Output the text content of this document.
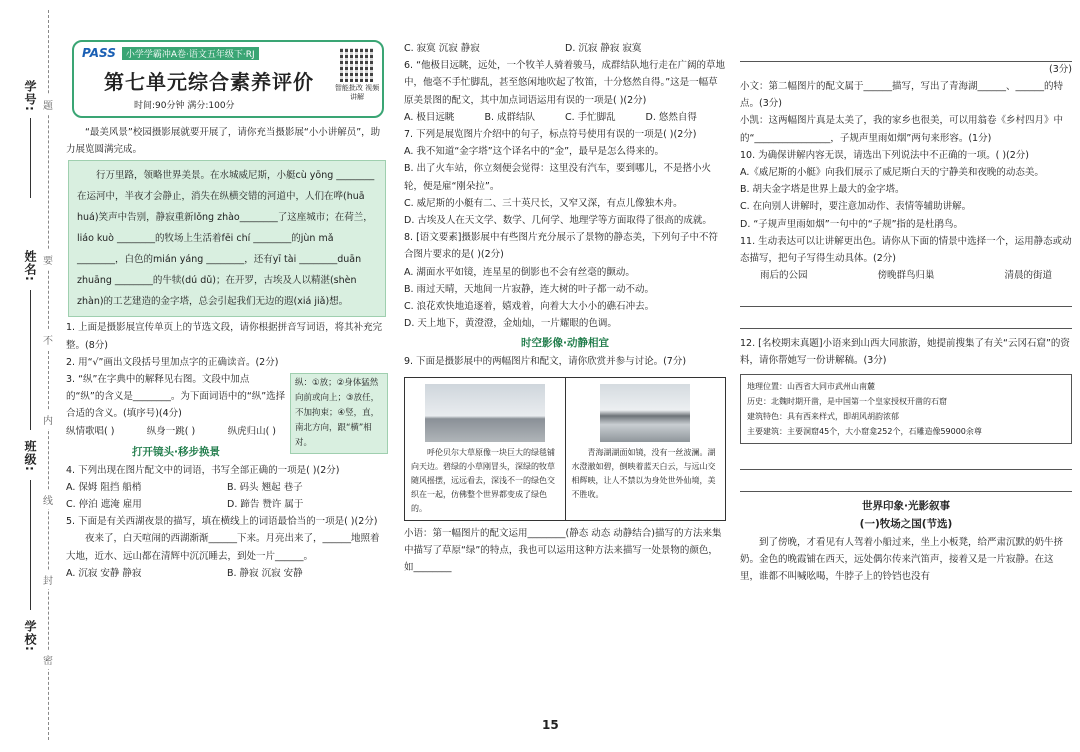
学号:
姓名:
班级:
学校:
题
要
不
内
线
封
密
PASS	小学学霸冲A卷·语文五年级下·RJ
第七单元综合素养评价
时间:90分钟 满分:100分
智能批改 视频讲解
“最美风景”校园摄影展就要开展了，请你充当摄影展“小小讲解员”，助力展览圆满完成。
行万里路，领略世界美景。在水城威尼斯，小艇cù yōng ________在运河中，半夜才会静止，消失在纵横交错的河道中，人们在哗(huā huá)笑声中告别，静寂重新lǒng zhào________了这座城市；在荷兰，liáo kuò ________的牧场上生活着fēi chí ________的jùn mǎ ________，白色的mián yáng ________，还有yī tài ________duān zhuāng ________的牛犊(dú dǔ)；在开罗，古埃及人以精湛(shèn zhàn)的工艺建造的金字塔，总会引起我们无边的遐(xiá jiǎ)想。
1. 上面是摄影展宣传单页上的节选文段，请你根据拼音写词语，将其补充完整。(8分)
2. 用“√”画出文段括号里加点字的正确读音。(2分)
纵：①放；②身体猛然向前或向上；③放任，不加拘束；④竖，直，南北方向，跟“横”相对。
3. “纵”在字典中的解释见右图。文段中加点的“纵”的含义是________。为下面词语中的“纵”选择合适的含义。(填序号)(4分)
纵情歌唱( )	纵身一跳( )	纵虎归山( )
打开镜头·移步换景
4. 下列出现在图片配文中的词语，书写全部正确的一项是( )(2分)
A. 保姆 阻挡 船梢	B. 码头 翘起 巷子
C. 停泊 遮淹 雇用	D. 蹄告 赞许 属于
5. 下面是有关西湖夜景的描写，填在横线上的词语最恰当的一项是( )(2分)
夜来了，白天喧闹的西湖渐渐______下来。月亮出来了，______地照着大地，近水、远山都在清辉中沉沉睡去，到处一片______。
A. 沉寂 安静 静寂	B. 静寂 沉寂 安静
C. 寂寞 沉寂 静寂	D. 沉寂 静寂 寂寞
6. “他极目远眺，远处，一个牧羊人骑着骏马，成群结队地行走在广阔的草地中，他毫不手忙脚乱，甚至悠闲地吹起了牧笛，十分悠然自得。”这是一幅草原美景图的配文，其中加点词语运用有误的一项是( )(2分)
A. 极目远眺	B. 成群结队	C. 手忙脚乱	D. 悠然自得
7. 下列是展览图片介绍中的句子，标点符号使用有误的一项是( )(2分)
A. 我不知道“金字塔”这个译名中的“金”，最早是怎么得来的。
B. 出了火车站，你立刻便会觉得：这里没有汽车，要到哪儿，不是搭小火轮，便是雇“刚朵拉”。
C. 威尼斯的小艇有二、三十英尺长，又窄又深，有点儿像独木舟。
D. 古埃及人在天文学、数学、几何学、地理学等方面取得了很高的成就。
8. [语文要素]摄影展中有些图片充分展示了景物的静态美，下列句子中不符合图片要求的是( )(2分)
A. 湖面水平如镜，连星星的倒影也不会有丝毫的颤动。
B. 雨过天晴，天地间一片寂静，连大树的叶子都一动不动。
C. 浪花欢快地追逐着，嬉戏着，向着大大小小的礁石冲去。
D. 天上地下，黄澄澄，金灿灿，一片耀眼的色调。
时空影像·动静相宜
9. 下面是摄影展中的两幅图片和配文，请你欣赏并参与讨论。(7分)
呼伦贝尔大草原像一块巨大的绿毯铺向天边。碧绿的小草刚冒头，深绿的牧草随风摇摆，远远看去，深浅不一的绿色交织在一起，仿佛整个世界都变成了绿色的。
青海湖湖面如镜，没有一丝波澜。湖水澄澈如碧，倒映着蓝天白云，与远山交相辉映，让人不禁以为身处世外仙境，美不胜收。
小语：第一幅图片的配文运用________(静态 动态 动静结合)描写的方法来集中描写了草原“绿”的特点，我也可以运用这种方法来描写一处景物的颜色，如________
15
(3分)
小文：第二幅图片的配文属于______描写，写出了青海湖______、______的特点。(3分)
小凯：这两幅图片真是太美了，我的家乡也很美，可以用翁卷《乡村四月》中的“________________，子规声里雨如烟”两句来形容。(1分)
10. 为确保讲解内容无误，请选出下列说法中不正确的一项。( )(2分)
A.《威尼斯的小艇》向我们展示了威尼斯白天的宁静美和夜晚的动态美。
B. 胡夫金字塔是世界上最大的金字塔。
C. 在向别人讲解时，要注意加动作、表情等辅助讲解。
D. “子规声里雨如烟”一句中的“子规”指的是杜鹃鸟。
11. 生动表达可以让讲解更出色。请你从下面的情景中选择一个，运用静态或动态描写，把句子写得生动具体。(2分)
雨后的公园	傍晚群鸟归巢	清晨的街道
12. [名校期末真题]小语来到山西大同旅游，她提前搜集了有关“云冈石窟”的资料，请你帮她写一份讲解稿。(3分)
地理位置：山西省大同市武州山南麓
历史：北魏时期开凿，是中国第一个皇家授权开凿的石窟
建筑特色：具有西来样式，即胡风胡韵浓郁
主要建筑：主要洞窟45个，大小窟龛252个，石雕造像59000余尊
世界印象·光影叙事
(一)牧场之国(节选)
到了傍晚，才看见有人驾着小船过来，坐上小板凳，给严肃沉默的奶牛挤奶。金色的晚霞铺在西天，远处偶尔传来汽笛声，接着又是一片寂静。在这里，谁都不叫喊吆喝，牛脖子上的铃铛也没有
